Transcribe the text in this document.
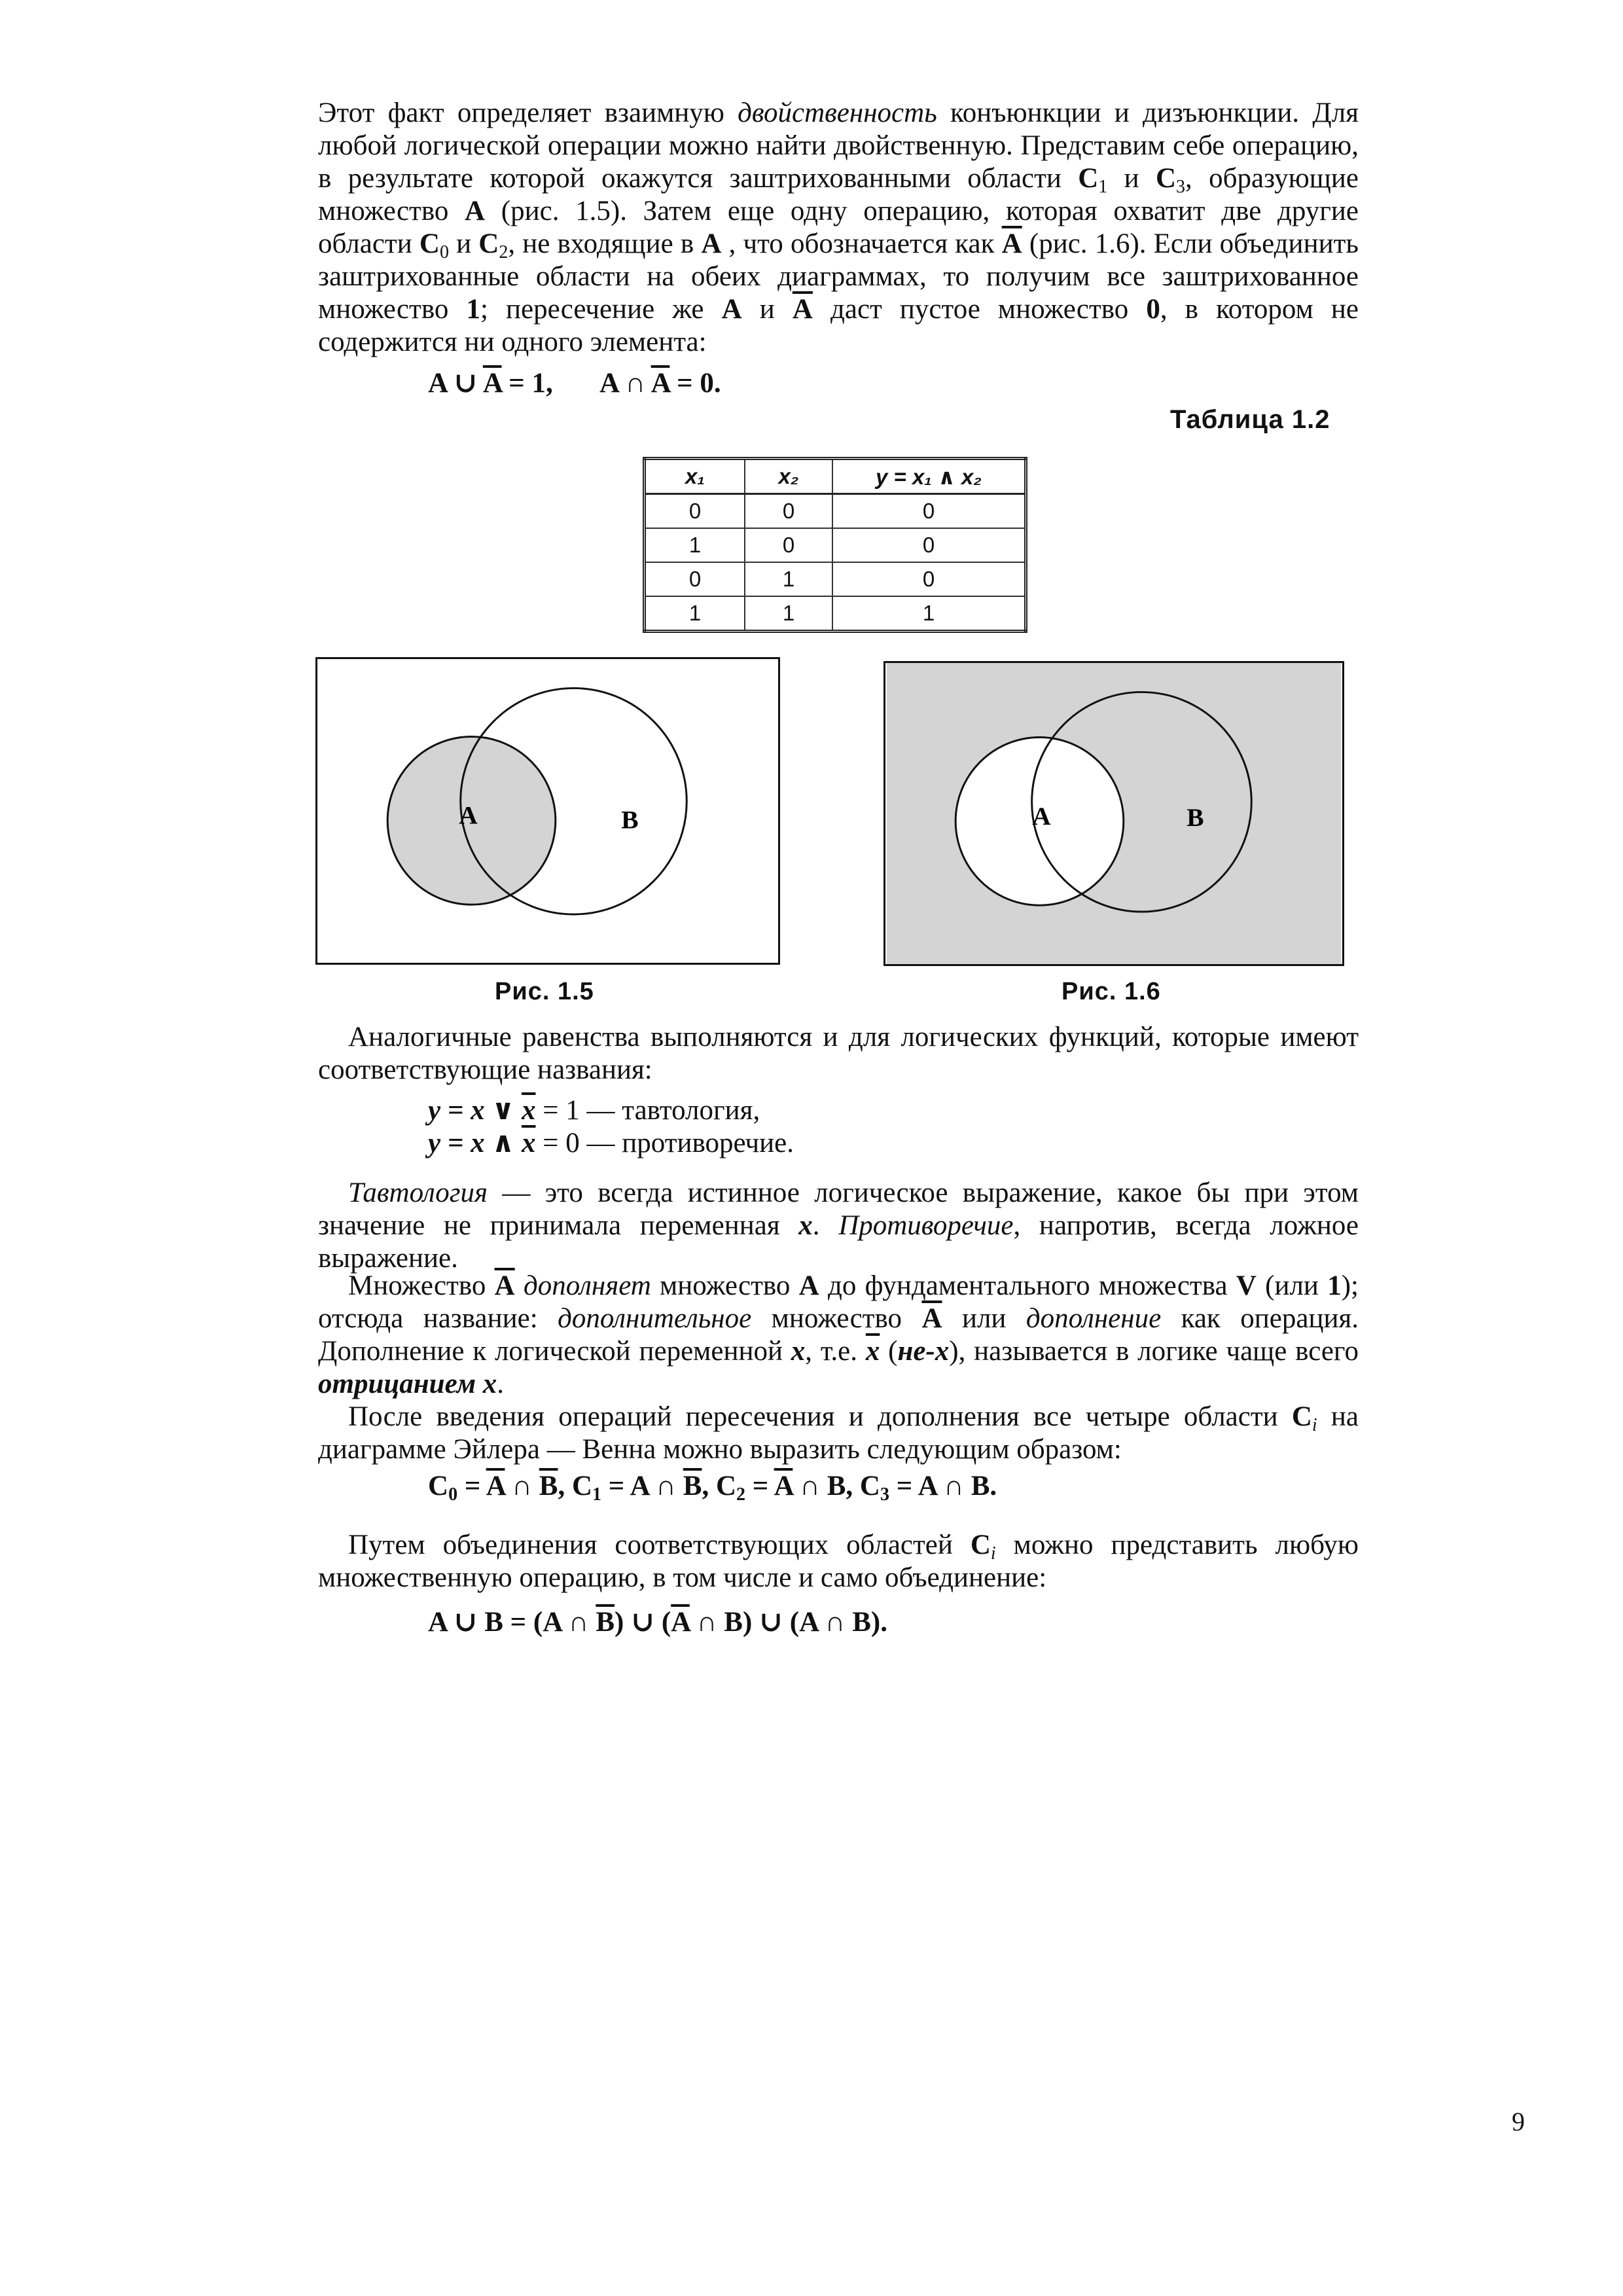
Этот факт определяет взаимную двойственность конъюнкции и дизъюнкции. Для любой логической операции можно найти двойственную. Представим себе операцию, в результате которой окажутся заштрихованными области $C_1$ и $C_3$, образующие множество A (рис. 1.5). Затем еще одну операцию, которая охватит две другие области $C_0$ и $C_2$, не входящие в A , что обозначается как $\overline{A}$ (рис. 1.6). Если объединить заштрихованные области на обеих диаграммах, то получим все заштрихованное множество 1; пересечение же A и $\overline{A}$ даст пустое множество 0, в котором не содержится ни одного элемента:

A ∪ $\overline{A} = 1$, A ∩ $\overline{A} = 0$.
Таблица 1.2
x₁	x₂	y = x₁ ∧ x₂
0	0	0
1	0	0
0	1	0
1	1	1
A	B
Рис. 1.5
A	B
Рис. 1.6

Аналогичные равенства выполняются и для логических функций, которые имеют соответствующие названия:

y = x ∨ $\overline{x} = 1$ — тавтология,
y = x ∧ $\overline{x} = 0$ — противоречие.

Тавтология — это всегда истинное логическое выражение, какое бы при этом значение не принимала переменная x. Противоречие, напротив, всегда ложное выражение.

Множество $\overline{A}$ дополняет множество A до фундаментального множества V (или 1); отсюда название: дополнительное множество $\overline{A}$ или дополнение как операция. Дополнение к логической переменной x, т.е. $\overline{x}$ (не-x), называется в логике чаще всего отрицанием x.

После введения операций пересечения и дополнения все четыре области $C_i$ на диаграмме Эйлера — Венна можно выразить следующим образом:

$C_0 = \overline{A}$ ∩ $\overline{B}$, $C_1 = A$ ∩ $\overline{B}$, $C_2 = \overline{A}$ ∩ B, $C_3 = A$ ∩ B.

Путем объединения соответствующих областей $C_i$ можно представить любую множественную операцию, в том числе и само объединение:

A ∪ B = (A ∩ $\overline{B}$) ∪ ($\overline{A}$ ∩ B) ∪ (A ∩ B).
9
